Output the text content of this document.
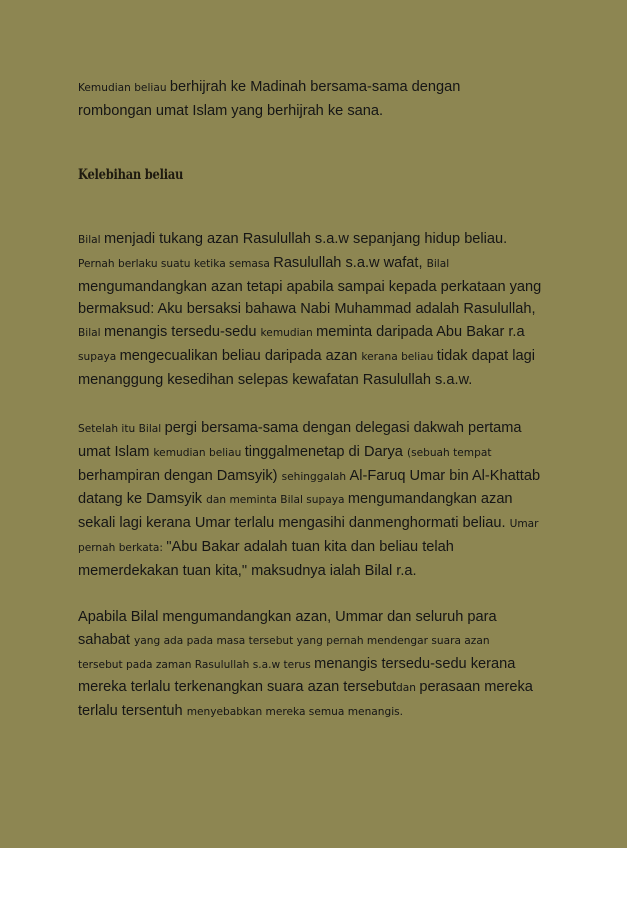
Kemudian beliau berhijrah ke Madinah bersama-sama dengan
rombongan umat Islam yang berhijrah ke sana.

Kelebihan beliau

Bilal menjadi tukang azan Rasulullah s.a.w sepanjang hidup beliau.
Pernah berlaku suatu ketika semasa Rasulullah s.a.w wafat, Bilal
mengumandangkan azan tetapi apabila sampai kepada perkataan yang
bermaksud: Aku bersaksi bahawa Nabi Muhammad adalah Rasulullah,
Bilal menangis tersedu-sedu kemudian meminta daripada Abu Bakar r.a
supaya mengecualikan beliau daripada azan kerana beliau tidak dapat lagi
menanggung kesedihan selepas kewafatan Rasulullah s.a.w.

Setelah itu Bilal pergi bersama-sama dengan delegasi dakwah pertama
umat Islam kemudian beliau tinggalmenetap di Darya (sebuah tempat
berhampiran dengan Damsyik) sehinggalah Al-Faruq Umar bin Al-Khattab
datang ke Damsyik dan meminta Bilal supaya mengumandangkan azan
sekali lagi kerana Umar terlalu mengasihi danmenghormati beliau. Umar
pernah berkata: "Abu Bakar adalah tuan kita dan beliau telah
memerdekakan tuan kita," maksudnya ialah Bilal r.a.

Apabila Bilal mengumandangkan azan, Ummar dan seluruh para
sahabat yang ada pada masa tersebut yang pernah mendengar suara azan
tersebut pada zaman Rasulullah s.a.w terus menangis tersedu-sedu kerana
mereka terlalu terkenangkan suara azan tersebutdan perasaan mereka
terlalu tersentuh menyebabkan mereka semua menangis.
